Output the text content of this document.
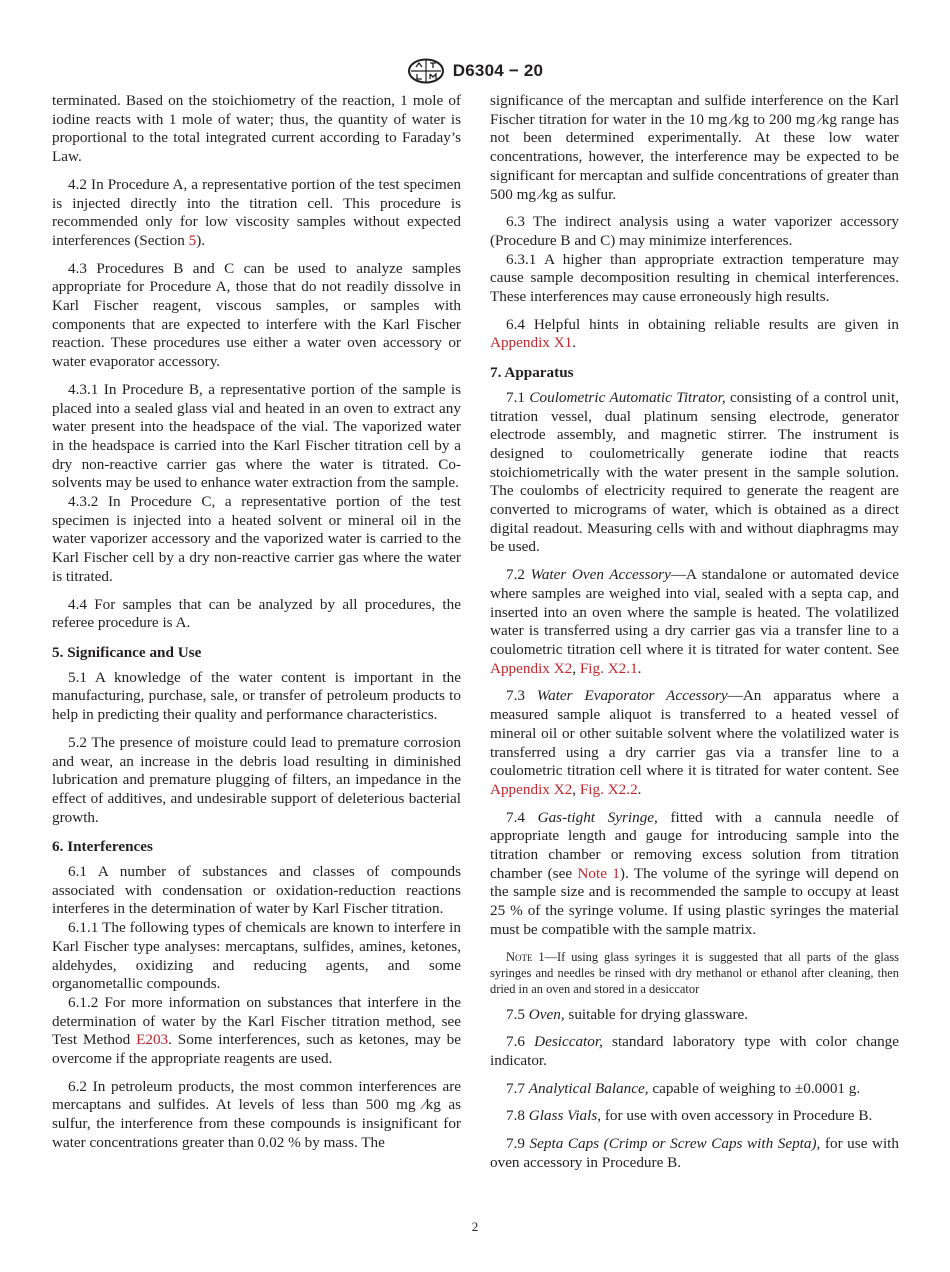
D6304 − 20

terminated. Based on the stoichiometry of the reaction, 1 mole of iodine reacts with 1 mole of water; thus, the quantity of water is proportional to the total integrated current according to Faraday’s Law.

4.2 In Procedure A, a representative portion of the test specimen is injected directly into the titration cell. This procedure is recommended only for low viscosity samples without expected interferences (Section 5).

4.3 Procedures B and C can be used to analyze samples appropriate for Procedure A, those that do not readily dissolve in Karl Fischer reagent, viscous samples, or samples with components that are expected to interfere with the Karl Fischer reaction. These procedures use either a water oven accessory or water evaporator accessory.

4.3.1 In Procedure B, a representative portion of the sample is placed into a sealed glass vial and heated in an oven to extract any water present into the headspace of the vial. The vaporized water in the headspace is carried into the Karl Fischer titration cell by a dry non-reactive carrier gas where the water is titrated. Co-solvents may be used to enhance water extraction from the sample.

4.3.2 In Procedure C, a representative portion of the test specimen is injected into a heated solvent or mineral oil in the water vaporizer accessory and the vaporized water is carried to the Karl Fischer cell by a dry non-reactive carrier gas where the water is titrated.

4.4 For samples that can be analyzed by all procedures, the referee procedure is A.

5. Significance and Use

5.1 A knowledge of the water content is important in the manufacturing, purchase, sale, or transfer of petroleum products to help in predicting their quality and performance characteristics.

5.2 The presence of moisture could lead to premature corrosion and wear, an increase in the debris load resulting in diminished lubrication and premature plugging of filters, an impedance in the effect of additives, and undesirable support of deleterious bacterial growth.

6. Interferences

6.1 A number of substances and classes of compounds associated with condensation or oxidation-reduction reactions interferes in the determination of water by Karl Fischer titration.

6.1.1 The following types of chemicals are known to interfere in Karl Fischer type analyses: mercaptans, sulfides, amines, ketones, aldehydes, oxidizing and reducing agents, and some organometallic compounds.

6.1.2 For more information on substances that interfere in the determination of water by the Karl Fischer titration method, see Test Method E203. Some interferences, such as ketones, may be overcome if the appropriate reagents are used.

6.2 In petroleum products, the most common interferences are mercaptans and sulfides. At levels of less than 500 mg ⁄kg as sulfur, the interference from these compounds is insignificant for water concentrations greater than 0.02 % by mass. The

significance of the mercaptan and sulfide interference on the Karl Fischer titration for water in the 10 mg ⁄kg to 200 mg ⁄kg range has not been determined experimentally. At these low water concentrations, however, the interference may be expected to be significant for mercaptan and sulfide concentrations of greater than 500 mg ⁄kg as sulfur.

6.3 The indirect analysis using a water vaporizer accessory (Procedure B and C) may minimize interferences.

6.3.1 A higher than appropriate extraction temperature may cause sample decomposition resulting in chemical interferences. These interferences may cause erroneously high results.

6.4 Helpful hints in obtaining reliable results are given in Appendix X1.

7. Apparatus

7.1 Coulometric Automatic Titrator, consisting of a control unit, titration vessel, dual platinum sensing electrode, generator electrode assembly, and magnetic stirrer. The instrument is designed to coulometrically generate iodine that reacts stoichiometrically with the water present in the sample solution. The coulombs of electricity required to generate the reagent are converted to micrograms of water, which is obtained as a direct digital readout. Measuring cells with and without diaphragms may be used.

7.2 Water Oven Accessory—A standalone or automated device where samples are weighed into vial, sealed with a septa cap, and inserted into an oven where the sample is heated. The volatilized water is transferred using a dry carrier gas via a transfer line to a coulometric titration cell where it is titrated for water content. See Appendix X2, Fig. X2.1.

7.3 Water Evaporator Accessory—An apparatus where a measured sample aliquot is transferred to a heated vessel of mineral oil or other suitable solvent where the volatilized water is transferred using a dry carrier gas via a transfer line to a coulometric titration cell where it is titrated for water content. See Appendix X2, Fig. X2.2.

7.4 Gas-tight Syringe, fitted with a cannula needle of appropriate length and gauge for introducing sample into the titration chamber or removing excess solution from titration chamber (see Note 1). The volume of the syringe will depend on the sample size and is recommended the sample to occupy at least 25 % of the syringe volume. If using plastic syringes the material must be compatible with the sample matrix.

Note 1—If using glass syringes it is suggested that all parts of the glass syringes and needles be rinsed with dry methanol or ethanol after cleaning, then dried in an oven and stored in a desiccator

7.5 Oven, suitable for drying glassware.

7.6 Desiccator, standard laboratory type with color change indicator.

7.7 Analytical Balance, capable of weighing to ±0.0001 g.

7.8 Glass Vials, for use with oven accessory in Procedure B.

7.9 Septa Caps (Crimp or Screw Caps with Septa), for use with oven accessory in Procedure B.

2
